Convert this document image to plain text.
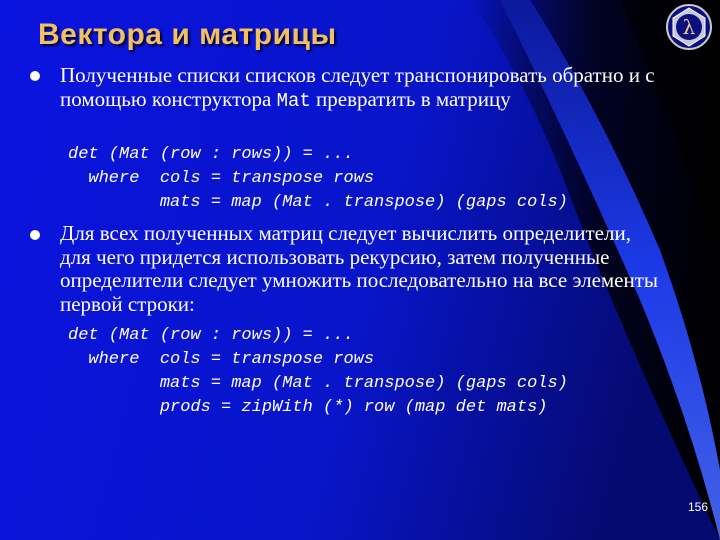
Вектора и матрицы	λ
Полученные списки списков следует транспонировать обратно и с помощью конструктора Mat превратить в матрицу
det (Mat (row : rows)) = ...
where  cols = transpose rows
mats = map (Mat . transpose) (gaps cols)
Для всех полученных матриц следует вычислить определители, для чего придется использовать рекурсию, затем полученные определители следует умножить последовательно на все элементы первой строки:
det (Mat (row : rows)) = ...
where  cols = transpose rows
mats = map (Mat . transpose) (gaps cols)
prods = zipWith (*) row (map det mats)
156
